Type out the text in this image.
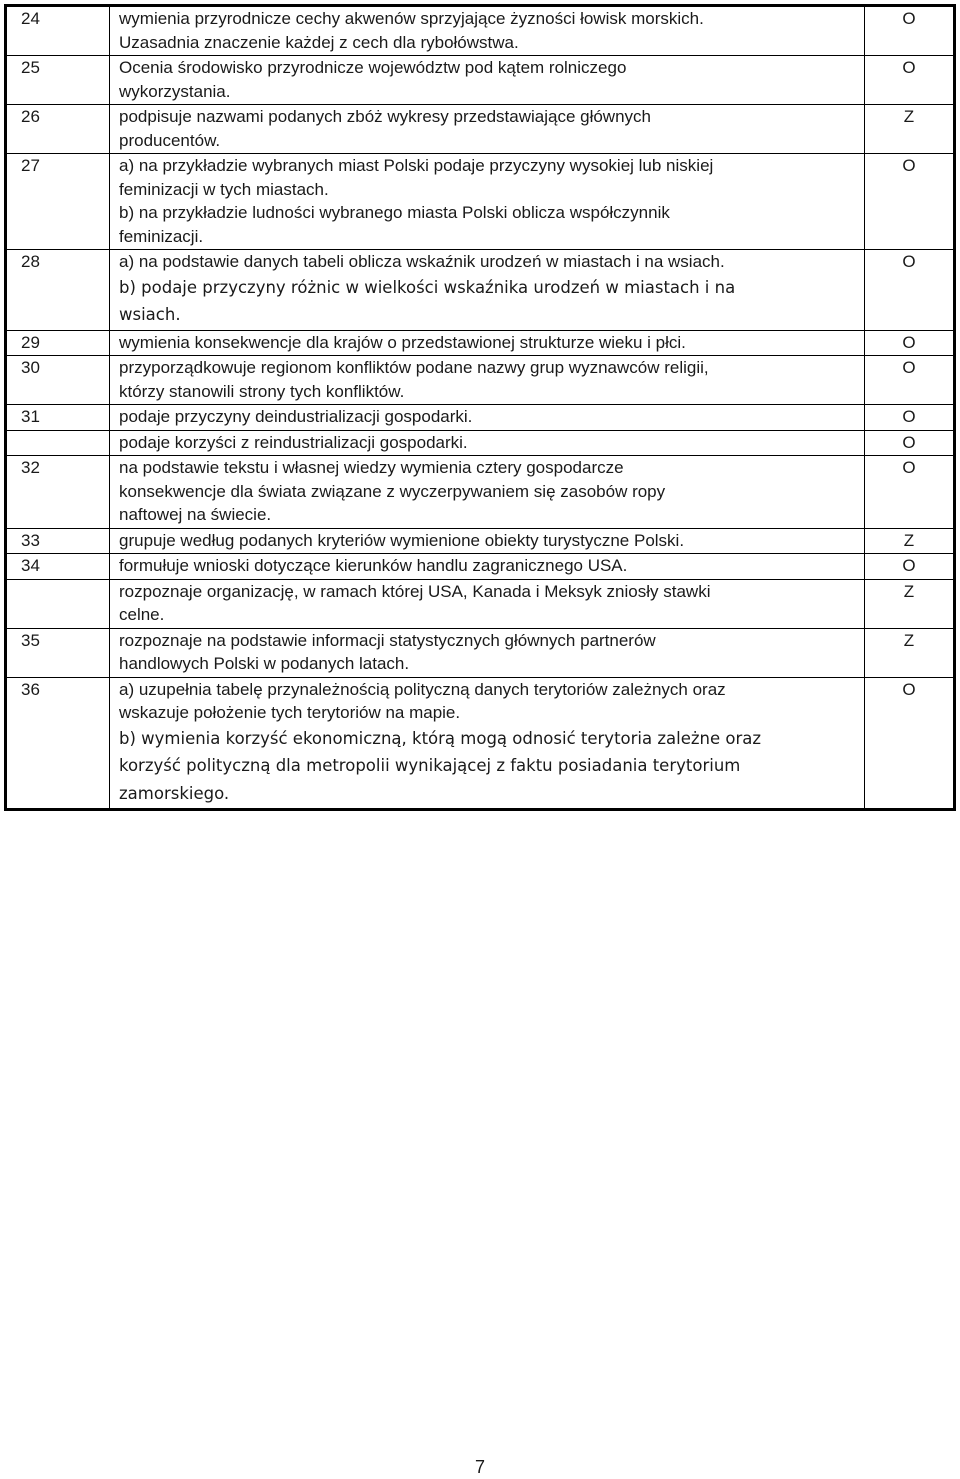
24	wymienia przyrodnicze cechy akwenów sprzyjające żyzności łowisk morskich.
Uzasadnia znaczenie każdej z cech dla rybołówstwa.	O
25	Ocenia środowisko przyrodnicze województw pod kątem rolniczego
wykorzystania.	O
26	podpisuje nazwami podanych zbóż wykresy przedstawiające głównych
producentów.	Z
27	a) na przykładzie wybranych miast Polski podaje przyczyny wysokiej lub niskiej
feminizacji w tych miastach.
b) na przykładzie ludności wybranego miasta Polski oblicza współczynnik
feminizacji.	O
28	a) na podstawie danych tabeli oblicza wskaźnik urodzeń w miastach i na wsiach.
b) podaje przyczyny różnic w wielkości wskaźnika urodzeń w miastach i na
wsiach.	O
29	wymienia konsekwencje dla krajów o przedstawionej strukturze wieku i płci.	O
30	przyporządkowuje regionom konfliktów podane nazwy grup wyznawców religii,
którzy stanowili strony tych konfliktów.	O
31	podaje przyczyny deindustrializacji gospodarki.	O

	podaje korzyści z reindustrializacji gospodarki.	O
32	na podstawie tekstu i własnej wiedzy wymienia cztery gospodarcze
konsekwencje dla świata związane z wyczerpywaniem się zasobów ropy
naftowej na świecie.	O
33	grupuje według podanych kryteriów wymienione obiekty turystyczne Polski.	Z
34	formułuje wnioski dotyczące kierunków handlu zagranicznego USA.	O

	rozpoznaje organizację, w ramach której USA, Kanada i Meksyk zniosły stawki
celne.	Z
35	rozpoznaje na podstawie informacji statystycznych głównych partnerów
handlowych Polski w podanych latach.	Z
36	a) uzupełnia tabelę przynależnością polityczną danych terytoriów zależnych oraz
wskazuje położenie tych terytoriów na mapie.
b) wymienia korzyść ekonomiczną, którą mogą odnosić terytoria zależne oraz
korzyść polityczną dla metropolii wynikającej z faktu posiadania terytorium
zamorskiego.	O
7
